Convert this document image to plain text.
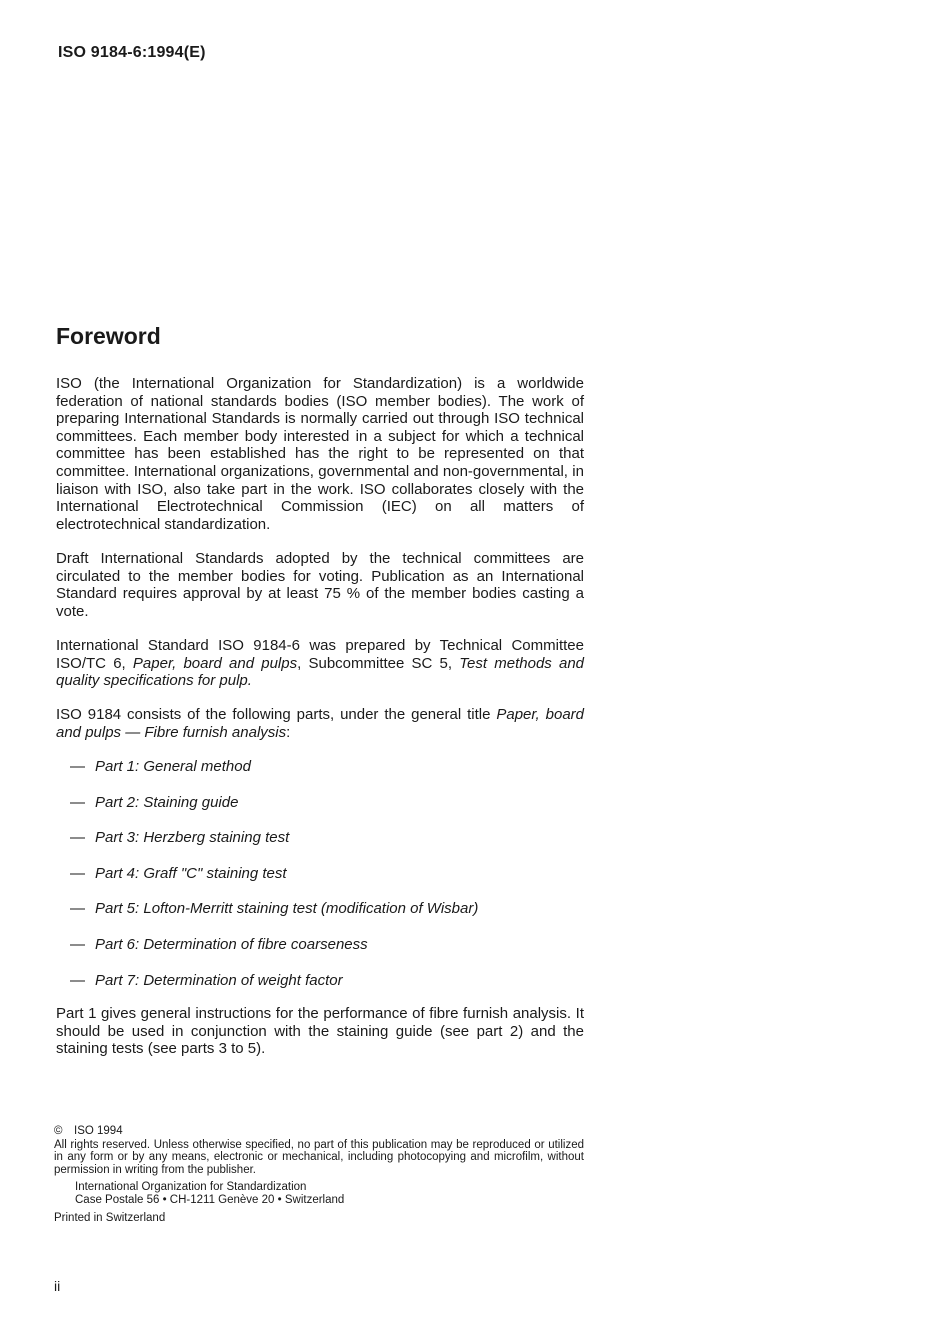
ISO 9184-6:1994(E)
Foreword

ISO (the International Organization for Standardization) is a worldwide federation of national standards bodies (ISO member bodies). The work of preparing International Standards is normally carried out through ISO technical committees. Each member body interested in a subject for which a technical committee has been established has the right to be represented on that committee. International organizations, governmental and non-governmental, in liaison with ISO, also take part in the work. ISO collaborates closely with the International Electrotechnical Commission (IEC) on all matters of electrotechnical standardization.

Draft International Standards adopted by the technical committees are circulated to the member bodies for voting. Publication as an International Standard requires approval by at least 75 % of the member bodies casting a vote.

International Standard ISO 9184-6 was prepared by Technical Committee ISO/TC 6, Paper, board and pulps, Subcommittee SC 5, Test methods and quality specifications for pulp.

ISO 9184 consists of the following parts, under the general title Paper, board and pulps — Fibre furnish analysis:

— Part 1: General method
— Part 2: Staining guide
— Part 3: Herzberg staining test
— Part 4: Graff "C" staining test
— Part 5: Lofton-Merritt staining test (modification of Wisbar)
— Part 6: Determination of fibre coarseness
— Part 7: Determination of weight factor

Part 1 gives general instructions for the performance of fibre furnish analysis. It should be used in conjunction with the staining guide (see part 2) and the staining tests (see parts 3 to 5).

© ISO 1994

All rights reserved. Unless otherwise specified, no part of this publication may be reproduced or utilized in any form or by any means, electronic or mechanical, including photocopying and microfilm, without permission in writing from the publisher.

International Organization for Standardization
Case Postale 56 • CH-1211 Genève 20 • Switzerland
Printed in Switzerland
ii
